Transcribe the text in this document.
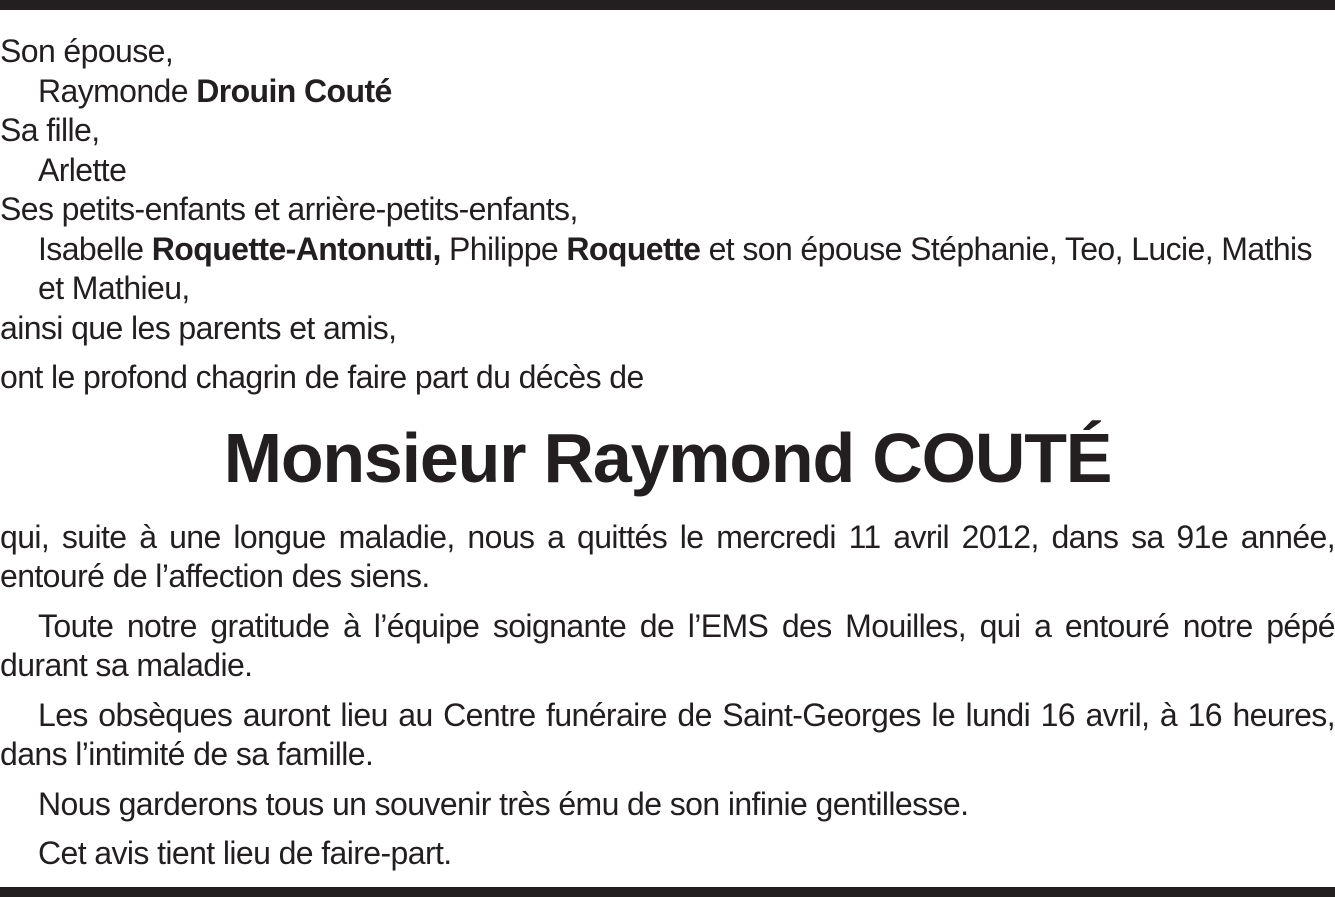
Son épouse,
Raymonde Drouin Couté
Sa fille,
Arlette
Ses petits-enfants et arrière-petits-enfants,
Isabelle Roquette-Antonutti, Philippe Roquette et son épouse Stéphanie, Teo, Lucie, Mathis et Mathieu,
ainsi que les parents et amis,
ont le profond chagrin de faire part du décès de
Monsieur Raymond COUTÉ
qui, suite à une longue maladie, nous a quittés le mercredi 11 avril 2012, dans sa 91e année, entouré de l’affection des siens.
Toute notre gratitude à l’équipe soignante de l’EMS des Mouilles, qui a entouré notre pépé durant sa maladie.
Les obsèques auront lieu au Centre funéraire de Saint-Georges le lundi 16 avril, à 16 heures, dans l’intimité de sa famille.
Nous garderons tous un souvenir très ému de son infinie gentillesse.
Cet avis tient lieu de faire-part.
